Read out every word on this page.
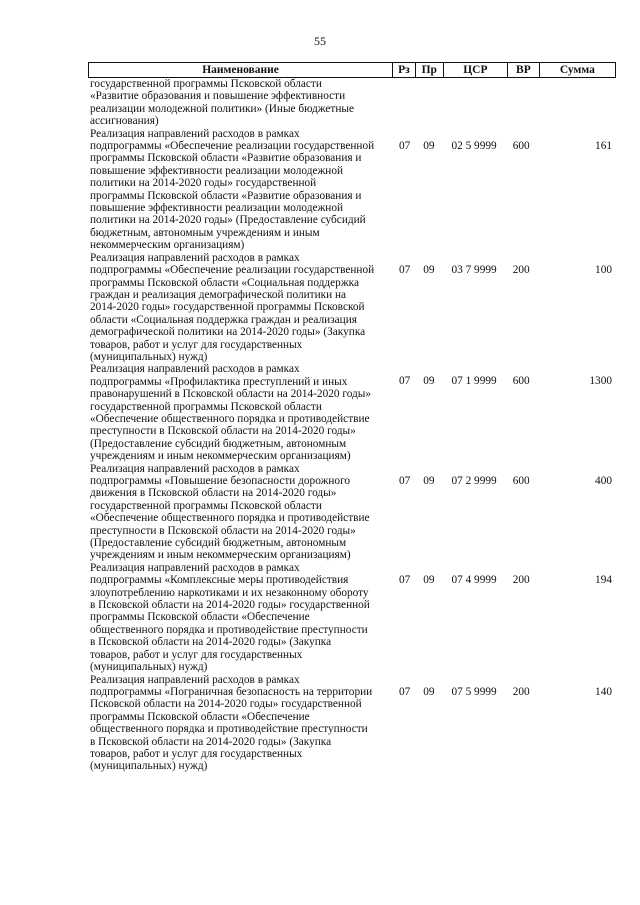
55
Наименование	Рз	Пр	ЦСР	ВР	Сумма
государственной программы Псковской области
«Развитие образования и повышение эффективности
реализации молодежной политики» (Иные бюджетные
ассигнования)
Реализация направлений расходов в рамках
подпрограммы «Обеспечение реализации государственной
программы Псковской области «Развитие образования и
повышение эффективности реализации молодежной
политики на 2014-2020 годы» государственной
программы Псковской области «Развитие образования и
повышение эффективности реализации молодежной
политики на 2014-2020 годы» (Предоставление субсидий
бюджетным, автономным учреждениям и иным
некоммерческим организациям)
07	09	02 5 9999	600	161
Реализация направлений расходов в рамках
подпрограммы «Обеспечение реализации государственной
программы Псковской области «Социальная поддержка
граждан и реализация демографической политики на
2014-2020 годы» государственной программы Псковской
области «Социальная поддержка граждан и реализация
демографической политики на 2014-2020 годы» (Закупка
товаров, работ и услуг для государственных
(муниципальных) нужд)
07	09	03 7 9999	200	100
Реализация направлений расходов в рамках
подпрограммы «Профилактика преступлений и иных
правонарушений в Псковской области на 2014-2020 годы»
государственной программы Псковской области
«Обеспечение общественного порядка и противодействие
преступности в Псковской области на 2014-2020 годы»
(Предоставление субсидий бюджетным, автономным
учреждениям и иным некоммерческим организациям)
07	09	07 1 9999	600	1300
Реализация направлений расходов в рамках
подпрограммы «Повышение безопасности дорожного
движения в Псковской области на 2014-2020 годы»
государственной программы Псковской области
«Обеспечение общественного порядка и противодействие
преступности в Псковской области на 2014-2020 годы»
(Предоставление субсидий бюджетным, автономным
учреждениям и иным некоммерческим организациям)
07	09	07 2 9999	600	400
Реализация направлений расходов в рамках
подпрограммы «Комплексные меры противодействия
злоупотреблению наркотиками и их незаконному обороту
в Псковской области на 2014-2020 годы» государственной
программы Псковской области «Обеспечение
общественного порядка и противодействие преступности
в Псковской области на 2014-2020 годы» (Закупка
товаров, работ и услуг для государственных
(муниципальных) нужд)
07	09	07 4 9999	200	194
Реализация направлений расходов в рамках
подпрограммы «Пограничная безопасность на территории
Псковской области на 2014-2020 годы» государственной
программы Псковской области «Обеспечение
общественного порядка и противодействие преступности
в Псковской области на 2014-2020 годы» (Закупка
товаров, работ и услуг для государственных
(муниципальных) нужд)
07	09	07 5 9999	200	140
